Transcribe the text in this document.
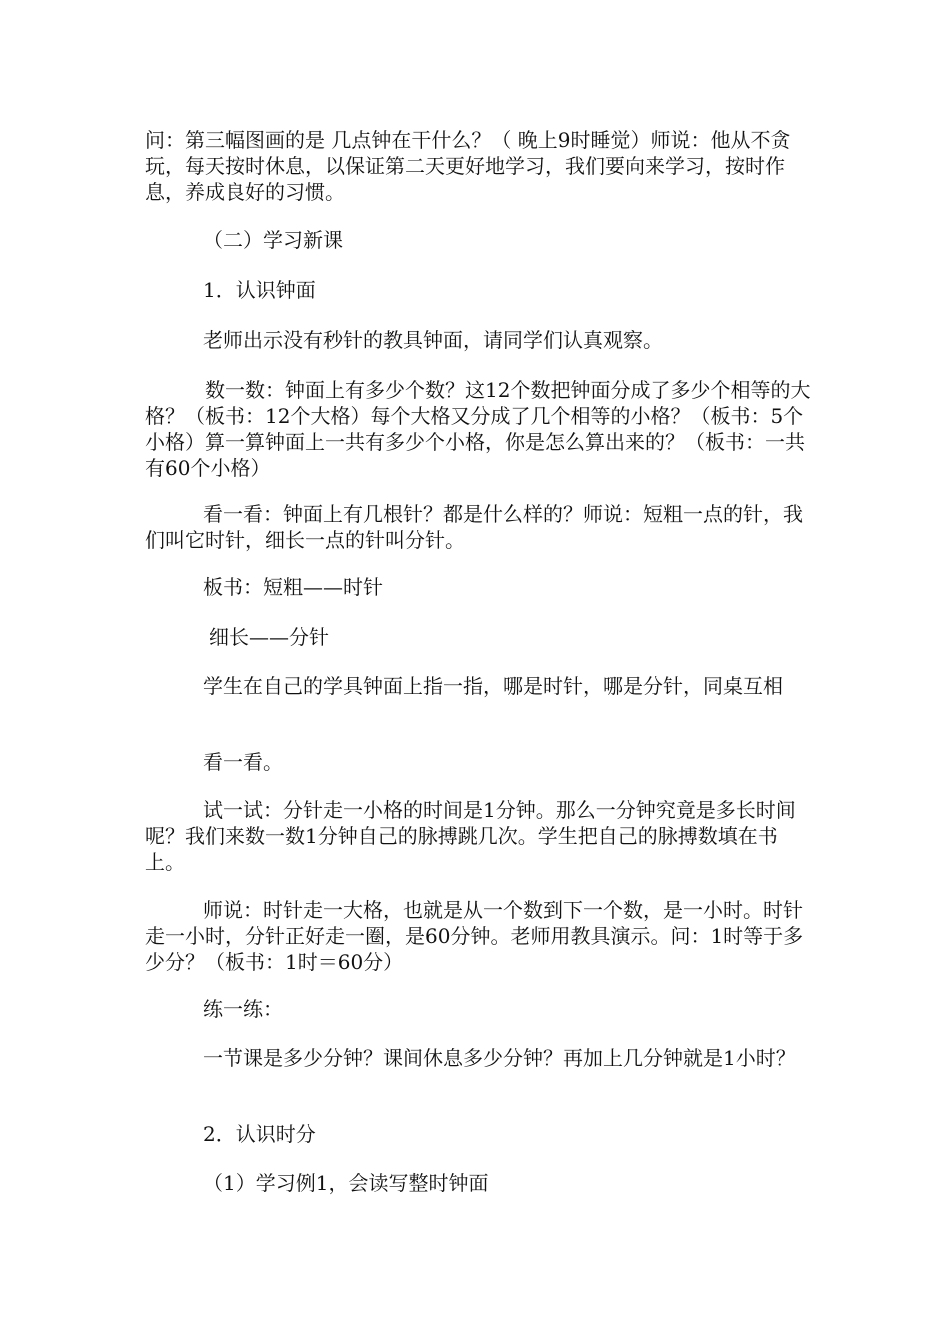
问：第三幅图画的是 几点钟在干什么？（ 晚上9时睡觉）师说：他从不贪玩，每天按时休息，以保证第二天更好地学习，我们要向来学习，按时作息，养成良好的习惯。

（二）学习新课

1．认识钟面

老师出示没有秒针的教具钟面，请同学们认真观察。

数一数：钟面上有多少个数？这12个数把钟面分成了多少个相等的大格？（板书：12个大格）每个大格又分成了几个相等的小格？（板书：5个小格）算一算钟面上一共有多少个小格，你是怎么算出来的？（板书：一共有60个小格）

看一看：钟面上有几根针？都是什么样的？师说：短粗一点的针，我们叫它时针，细长一点的针叫分针。

板书：短粗——时针

细长——分针

学生在自己的学具钟面上指一指，哪是时针，哪是分针，同桌互相

看一看。

试一试：分针走一小格的时间是1分钟。那么一分钟究竟是多长时间呢？我们来数一数1分钟自己的脉搏跳几次。学生把自己的脉搏数填在书上。

师说：时针走一大格，也就是从一个数到下一个数，是一小时。时针走一小时，分针正好走一圈，是60分钟。老师用教具演示。问：1时等于多少分？（板书：1时＝60分）

练一练：

一节课是多少分钟？课间休息多少分钟？再加上几分钟就是1小时？

2．认识时分

（1）学习例1，会读写整时钟面
